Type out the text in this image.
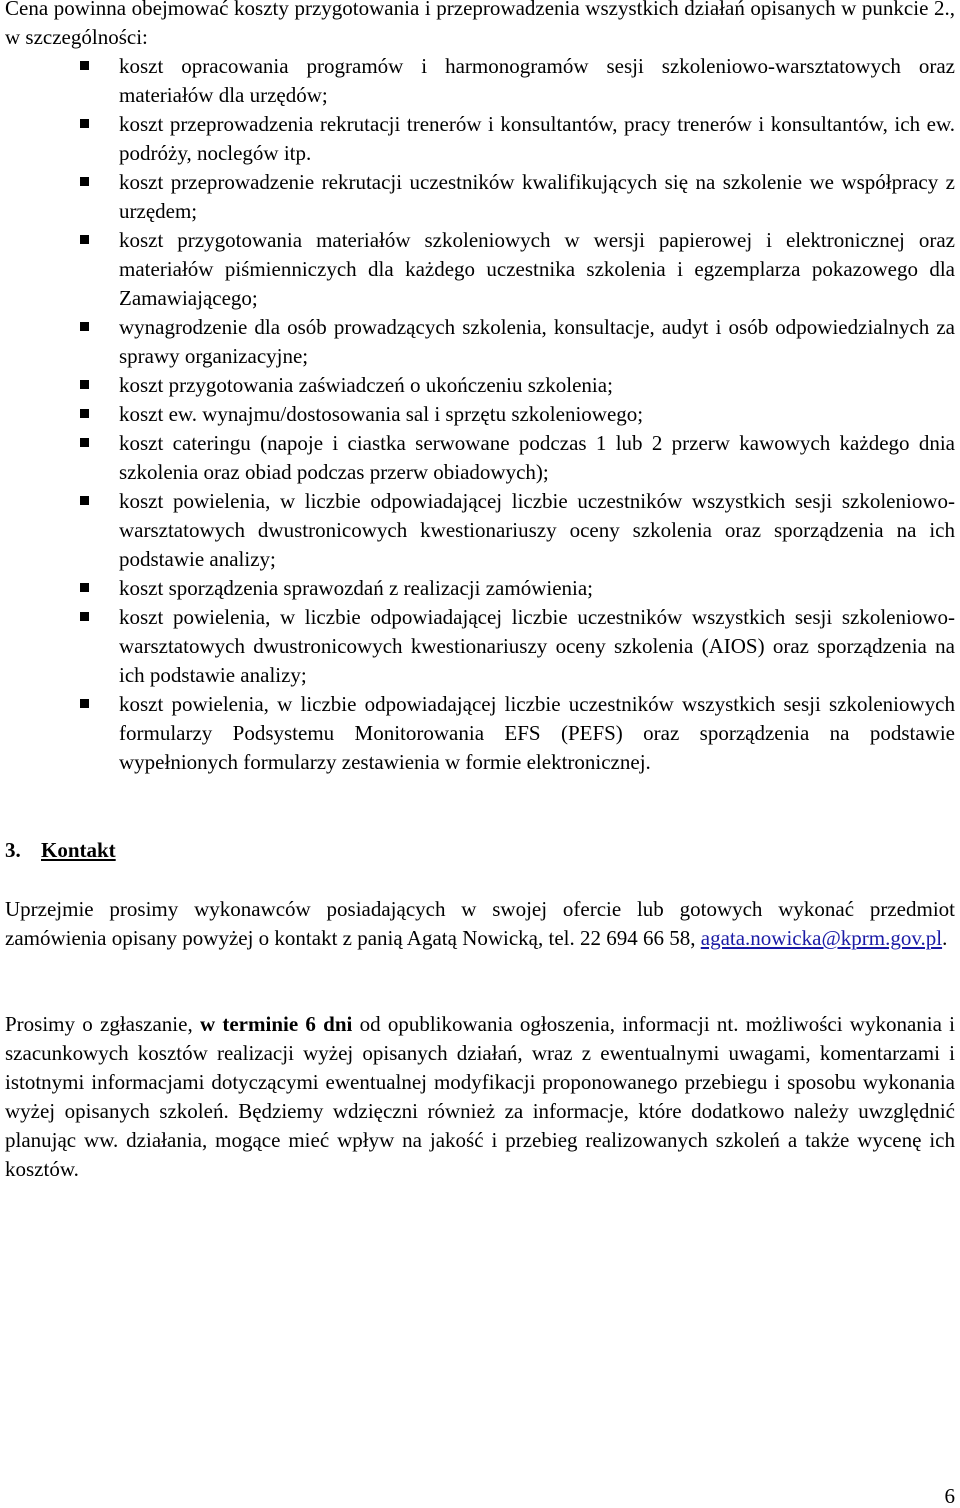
Cena powinna obejmować koszty przygotowania i przeprowadzenia wszystkich działań opisanych w punkcie 2., w szczególności:

koszt opracowania programów i harmonogramów sesji szkoleniowo-warsztatowych oraz materiałów dla urzędów;
koszt przeprowadzenia rekrutacji trenerów i konsultantów, pracy trenerów i konsultantów, ich ew. podróży, noclegów itp.
koszt przeprowadzenie rekrutacji uczestników kwalifikujących się na szkolenie we współpracy z urzędem;
koszt przygotowania materiałów szkoleniowych w wersji papierowej i elektronicznej oraz materiałów piśmienniczych dla każdego uczestnika szkolenia i egzemplarza pokazowego dla Zamawiającego;
wynagrodzenie dla osób prowadzących szkolenia, konsultacje, audyt i osób odpowiedzialnych za sprawy organizacyjne;
koszt przygotowania zaświadczeń o ukończeniu szkolenia;
koszt ew. wynajmu/dostosowania sal i sprzętu szkoleniowego;
koszt cateringu (napoje i ciastka serwowane podczas 1 lub 2 przerw kawowych każdego dnia szkolenia oraz obiad podczas przerw obiadowych);
koszt powielenia, w liczbie odpowiadającej liczbie uczestników wszystkich sesji szkoleniowo-warsztatowych dwustronicowych kwestionariuszy oceny szkolenia oraz sporządzenia na ich podstawie analizy;
koszt sporządzenia sprawozdań z realizacji zamówienia;
koszt powielenia, w liczbie odpowiadającej liczbie uczestników wszystkich sesji szkoleniowo-warsztatowych dwustronicowych kwestionariuszy oceny szkolenia (AIOS) oraz sporządzenia na ich podstawie analizy;
koszt powielenia, w liczbie odpowiadającej liczbie uczestników wszystkich sesji szkoleniowych formularzy Podsystemu Monitorowania EFS (PEFS) oraz sporządzenia na podstawie wypełnionych formularzy zestawienia w formie elektronicznej.
3. Kontakt

Uprzejmie prosimy wykonawców posiadających w swojej ofercie lub gotowych wykonać przedmiot zamówienia opisany powyżej o kontakt z panią Agatą Nowicką, tel. 22 694 66 58, agata.nowicka@kprm.gov.pl.

Prosimy o zgłaszanie, w terminie 6 dni od opublikowania ogłoszenia, informacji nt. możliwości wykonania i szacunkowych kosztów realizacji wyżej opisanych działań, wraz z ewentualnymi uwagami, komentarzami i istotnymi informacjami dotyczącymi ewentualnej modyfikacji proponowanego przebiegu i sposobu wykonania wyżej opisanych szkoleń. Będziemy wdzięczni również za informacje, które dodatkowo należy uwzględnić planując ww. działania, mogące mieć wpływ na jakość i przebieg realizowanych szkoleń a także wycenę ich kosztów.

6
